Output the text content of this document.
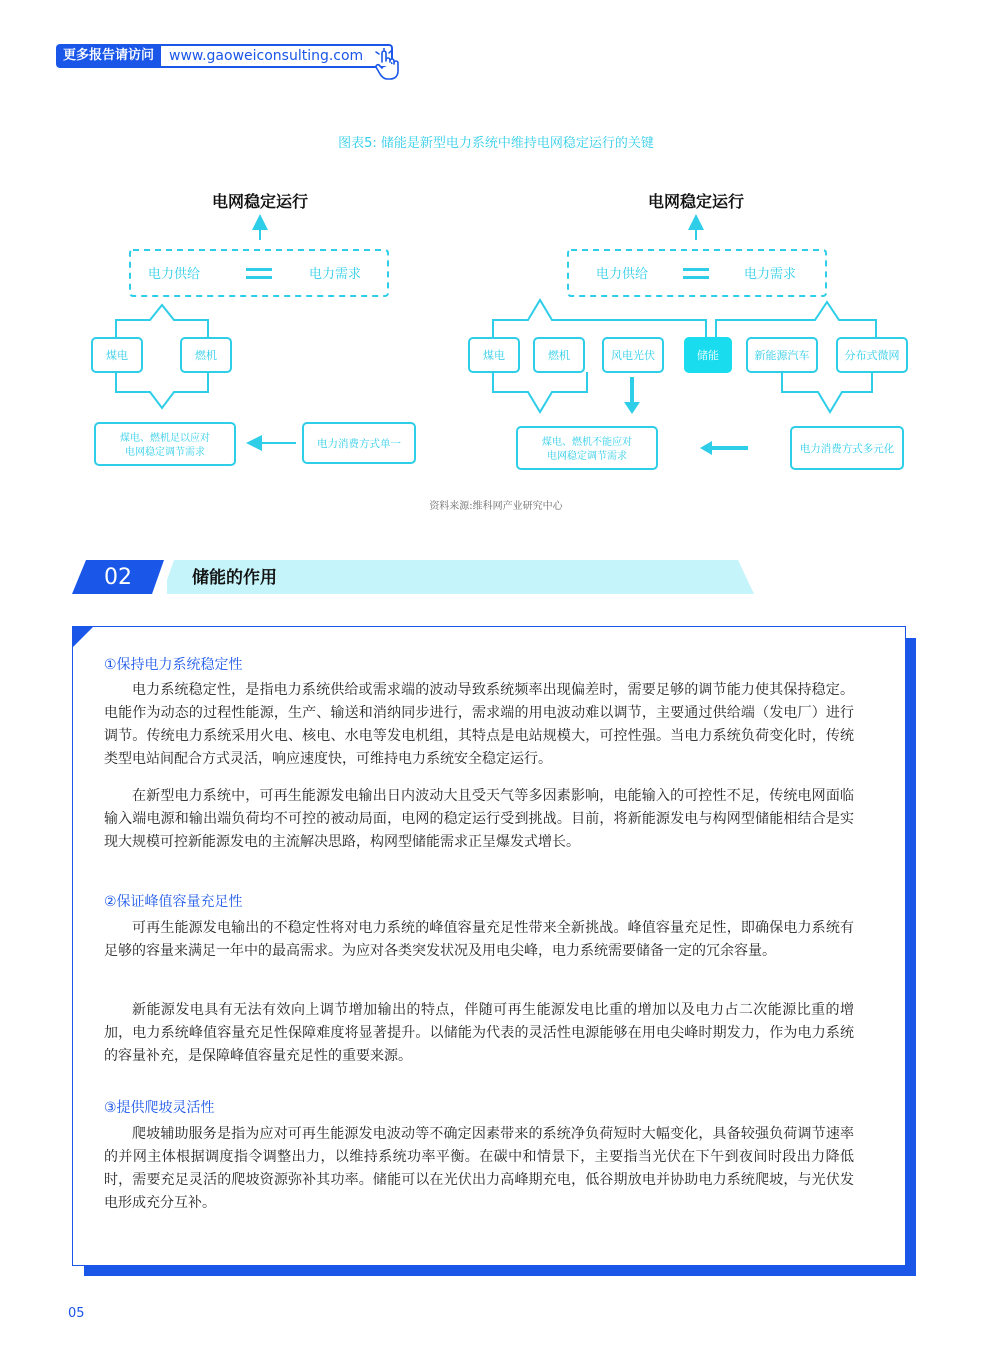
更多报告请访问	www.gaoweiconsulting.com
图表5: 储能是新型电力系统中维持电网稳定运行的关键
电网稳定运行
电力供给	电力需求
煤电	燃机
煤电、燃机足以应对
电网稳定调节需求
电力消费方式单一
电网稳定运行
电力供给	电力需求
煤电	燃机	风电光伏	储能	新能源汽车	分布式微网
煤电、燃机不能应对
电网稳定调节需求
电力消费方式多元化
资料来源:维科网产业研究中心
02	储能的作用
①保持电力系统稳定性

电力系统稳定性，是指电力系统供给或需求端的波动导致系统频率出现偏差时，需要足够的调节能力使其保持稳定。电能作为动态的过程性能源，生产、输送和消纳同步进行，需求端的用电波动难以调节，主要通过供给端（发电厂）进行调节。传统电力系统采用火电、核电、水电等发电机组，其特点是电站规模大，可控性强。当电力系统负荷变化时，传统类型电站间配合方式灵活，响应速度快，可维持电力系统安全稳定运行。

在新型电力系统中，可再生能源发电输出日内波动大且受天气等多因素影响，电能输入的可控性不足，传统电网面临输入端电源和输出端负荷均不可控的被动局面，电网的稳定运行受到挑战。目前，将新能源发电与构网型储能相结合是实现大规模可控新能源发电的主流解决思路，构网型储能需求正呈爆发式增长。

②保证峰值容量充足性

可再生能源发电输出的不稳定性将对电力系统的峰值容量充足性带来全新挑战。峰值容量充足性，即确保电力系统有足够的容量来满足一年中的最高需求。为应对各类突发状况及用电尖峰，电力系统需要储备一定的冗余容量。

新能源发电具有无法有效向上调节增加输出的特点，伴随可再生能源发电比重的增加以及电力占二次能源比重的增加，电力系统峰值容量充足性保障难度将显著提升。以储能为代表的灵活性电源能够在用电尖峰时期发力，作为电力系统的容量补充，是保障峰值容量充足性的重要来源。

③提供爬坡灵活性

爬坡辅助服务是指为应对可再生能源发电波动等不确定因素带来的系统净负荷短时大幅变化，具备较强负荷调节速率的并网主体根据调度指令调整出力，以维持系统功率平衡。在碳中和情景下，主要指当光伏在下午到夜间时段出力降低时，需要充足灵活的爬坡资源弥补其功率。储能可以在光伏出力高峰期充电，低谷期放电并协助电力系统爬坡，与光伏发电形成充分互补。

05
